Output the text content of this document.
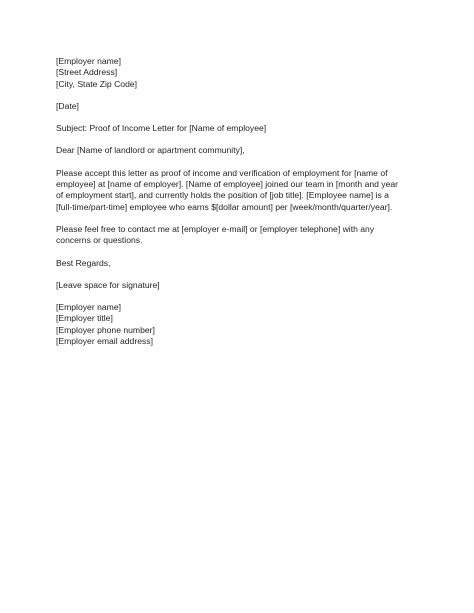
[Employer name]
[Street Address]
[City, State Zip Code]
[Date]
Subject: Proof of Income Letter for [Name of employee]
Dear [Name of landlord or apartment community],
Please accept this letter as proof of income and verification of employment for [name of
employee] at [name of employer]. [Name of employee] joined our team in [month and year
of employment start], and currently holds the position of [job title]. [Employee name] is a
[full-time/part-time] employee who earns $[dollar amount] per [week/month/quarter/year].
Please feel free to contact me at [employer e-mail] or [employer telephone] with any
concerns or questions.
Best Regards,
[Leave space for signature]
[Employer name]
[Employer title]
[Employer phone number]
[Employer email address]
